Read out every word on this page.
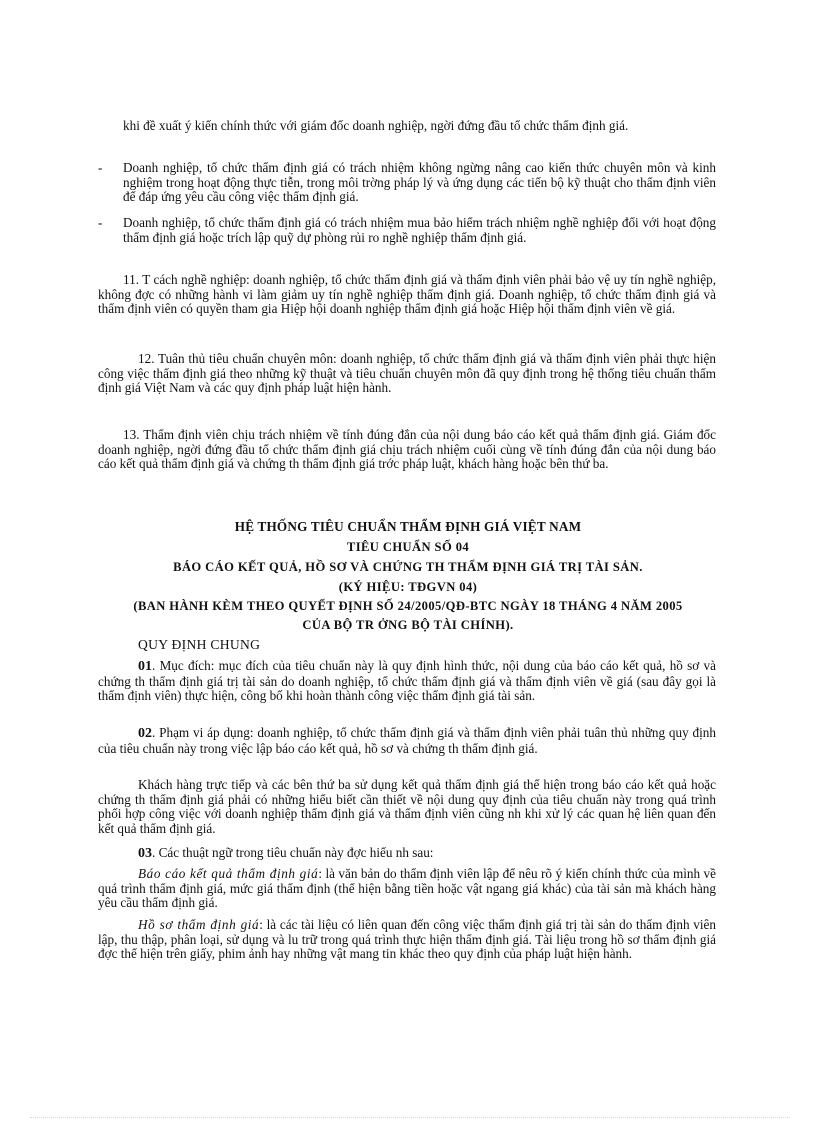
khi đề xuất ý kiến chính thức với giám đốc doanh nghiệp, ngời đứng đầu tổ chức thẩm định giá.

- Doanh nghiệp, tổ chức thẩm định giá có trách nhiệm không ngừng nâng cao kiến thức chuyên môn và kinh nghiệm trong hoạt động thực tiễn, trong môi trờng pháp lý và ứng dụng các tiến bộ kỹ thuật cho thẩm định viên để đáp ứng yêu cầu công việc thẩm định giá.

- Doanh nghiệp, tổ chức thẩm định giá có trách nhiệm mua bảo hiểm trách nhiệm nghề nghiệp đối với hoạt động thẩm định giá hoặc trích lập quỹ dự phòng rủi ro nghề nghiệp thẩm định giá.

11. T cách nghề nghiệp: doanh nghiệp, tổ chức thẩm định giá và thẩm định viên phải bảo vệ uy tín nghề nghiệp, không đợc có những hành vi làm giảm uy tín nghề nghiệp thẩm định giá. Doanh nghiệp, tổ chức thẩm định giá và thẩm định viên có quyền tham gia Hiệp hội doanh nghiệp thẩm định giá hoặc Hiệp hội thẩm định viên về giá.

12. Tuân thủ tiêu chuẩn chuyên môn: doanh nghiệp, tổ chức thẩm định giá và thẩm định viên phải thực hiện công việc thẩm định giá theo những kỹ thuật và tiêu chuẩn chuyên môn đã quy định trong hệ thống tiêu chuẩn thẩm định giá Việt Nam và các quy định pháp luật hiện hành.

13. Thẩm định viên chịu trách nhiệm về tính đúng đắn của nội dung báo cáo kết quả thẩm định giá. Giám đốc doanh nghiệp, ngời đứng đầu tổ chức thẩm định giá chịu trách nhiệm cuối cùng về tính đúng đắn của nội dung báo cáo kết quả thẩm định giá và chứng th thẩm định giá trớc pháp luật, khách hàng hoặc bên thứ ba.

HỆ THỐNG TIÊU CHUẨN THẨM ĐỊNH GIÁ VIỆT NAM

TIÊU CHUẨN SỐ 04

BÁO CÁO KẾT QUẢ, HỒ SƠ VÀ CHỨNG TH THẨM ĐỊNH GIÁ TRỊ TÀI SẢN.

(KÝ HIỆU: TĐGVN 04)

(BAN HÀNH KÈM THEO QUYẾT ĐỊNH SỐ 24/2005/QĐ-BTC NGÀY 18 THÁNG 4 NĂM 2005

CỦA BỘ TR ỞNG BỘ TÀI CHÍNH).

QUY ĐỊNH CHUNG

01. Mục đích: mục đích của tiêu chuẩn này là quy định hình thức, nội dung của báo cáo kết quả, hồ sơ và chứng th thẩm định giá trị tài sản do doanh nghiệp, tổ chức thẩm định giá và thẩm định viên về giá (sau đây gọi là thẩm định viên) thực hiện, công bố khi hoàn thành công việc thẩm định giá tài sản.

02. Phạm vi áp dụng: doanh nghiệp, tổ chức thẩm định giá và thẩm định viên phải tuân thủ những quy định của tiêu chuẩn này trong việc lập báo cáo kết quả, hồ sơ và chứng th thẩm định giá.

Khách hàng trực tiếp và các bên thứ ba sử dụng kết quả thẩm định giá thể hiện trong báo cáo kết quả hoặc chứng th thẩm định giá phải có những hiểu biết cần thiết về nội dung quy định của tiêu chuẩn này trong quá trình phối hợp công việc với doanh nghiệp thẩm định giá và thẩm định viên cũng nh khi xử lý các quan hệ liên quan đến kết quả thẩm định giá.

03. Các thuật ngữ trong tiêu chuẩn này đợc hiểu nh sau:

Báo cáo kết quả thẩm định giá: là văn bản do thẩm định viên lập để nêu rõ ý kiến chính thức của mình về quá trình thẩm định giá, mức giá thẩm định (thể hiện bằng tiền hoặc vật ngang giá khác) của tài sản mà khách hàng yêu cầu thẩm định giá.

Hồ sơ thẩm định giá: là các tài liệu có liên quan đến công việc thẩm định giá trị tài sản do thẩm định viên lập, thu thập, phân loại, sử dụng và lu trữ trong quá trình thực hiện thẩm định giá. Tài liệu trong hồ sơ thẩm định giá đợc thể hiện trên giấy, phim ảnh hay những vật mang tin khác theo quy định của pháp luật hiện hành.
